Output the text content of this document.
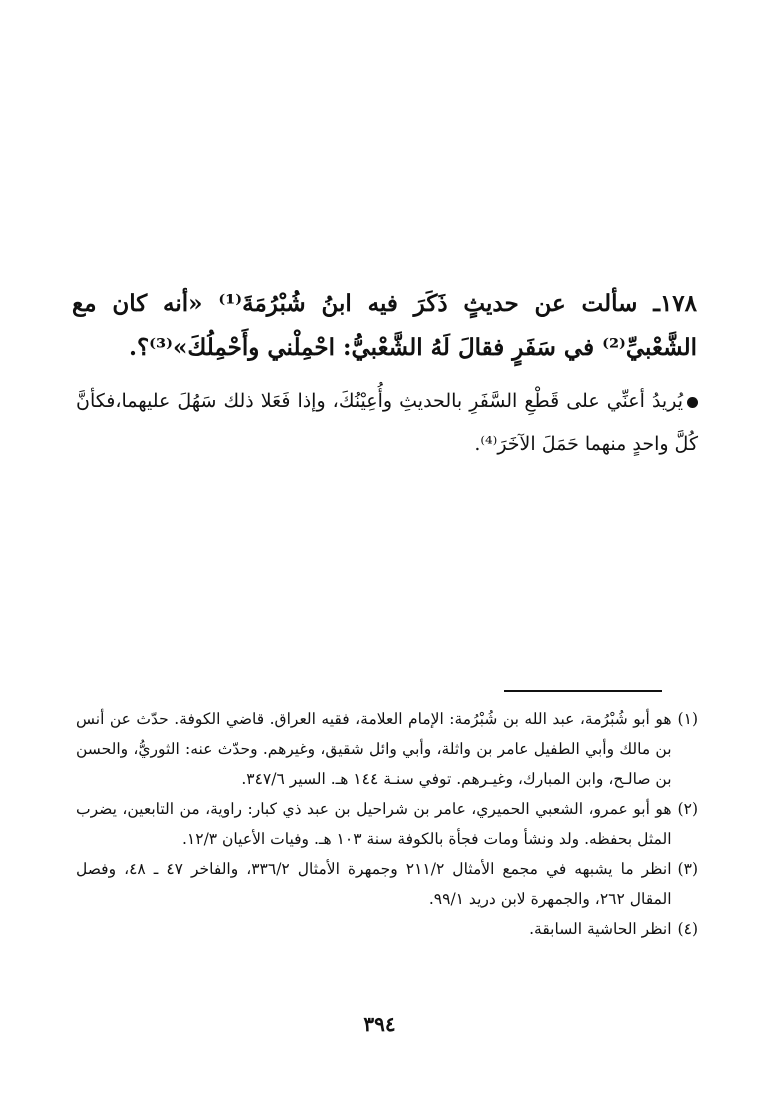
١٧٨ـ سألت عن حديثٍ ذَكَرَ فيه ابنُ شُبْرُمَةَ⁽¹⁾ «أنه كان مع الشَّعْبيِّ⁽²⁾ في سَفَرٍ فقالَ لَهُ الشَّعْبيُّ: احْمِلْني وأَحْمِلُكَ»⁽³⁾؟.
يُريدُ أعنِّي على قَطْعِ السَّفَرِ بالحديثِ وأُعِيْنُكَ، وإذا فَعَلا ذلك سَهُلَ عليهما،فكأنَّ كُلَّ واحدٍ منهما حَمَلَ الآخَرَ⁽⁴⁾.
(١)
هو أبو شُبْرُمة، عبد الله بن شُبْرُمة: الإمام العلامة، فقيه العراق. قاضي الكوفة. حدّث عن أنس بن مالك وأبي الطفيل عامر بن واثلة، وأبي وائل شقيق، وغيرهم. وحدّث عنه: الثوريُّ، والحسن بن صالـح، وابن المبارك، وغيـرهم. توفي سنـة ١٤٤ هـ. السير ٣٤٧/٦.
(٢)
هو أبو عمرو، الشعبي الحميري، عامر بن شراحيل بن عبد ذي كبار: راوية، من التابعين، يضرب المثل بحفظه. ولد ونشأ ومات فجأة بالكوفة سنة ١٠٣ هـ. وفيات الأعيان ١٢/٣.
(٣)
انظر ما يشبهه في مجمع الأمثال ٢١١/٢ وجمهرة الأمثال ٣٣٦/٢، والفاخر ٤٧ ـ ٤٨، وفصل المقال ٢٦٢، والجمهرة لابن دريد ٩٩/١.
(٤)
انظر الحاشية السابقة.
٣٩٤
